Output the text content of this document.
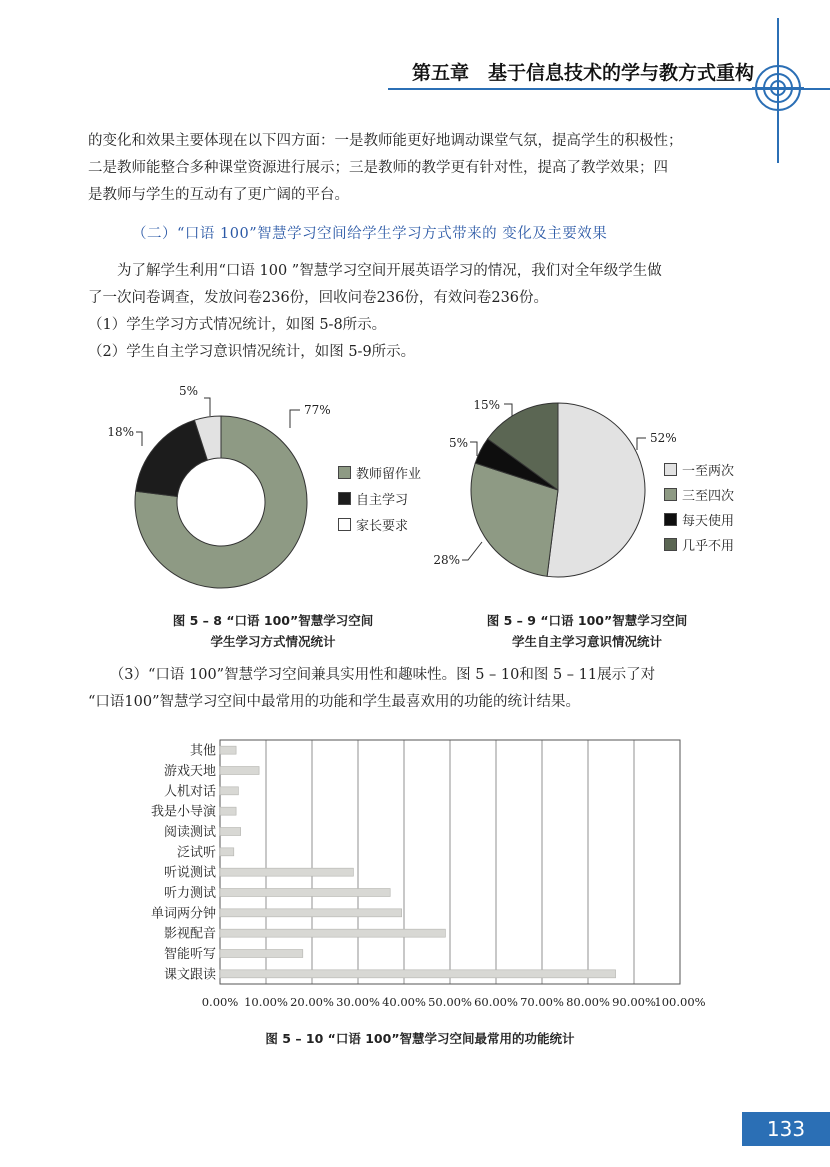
第五章　基于信息技术的学与教方式重构

的变化和效果主要体现在以下四方面：一是教师能更好地调动课堂气氛，提高学生的积极性；

二是教师能整合多种课堂资源进行展示；三是教师的教学更有针对性，提高了教学效果；四

是教师与学生的互动有了更广阔的平台。

（二）“口语 100”智慧学习空间给学生学习方式带来的 变化及主要效果

　　为了解学生利用“口语 100 ”智慧学习空间开展英语学习的情况，我们对全年级学生做

了一次问卷调查，发放问卷236份，回收问卷236份，有效问卷236份。

（1）学生学习方式情况统计，如图 5-8所示。

（2）学生自主学习意识情况统计，如图 5-9所示。

77%
18%
5%
教师留作业
自主学习
家长要求
图 5 – 8 “口语 100”智慧学习空间
学生学习方式情况统计
52%
28%
5%
15%
一至两次
三至四次
每天使用
几乎不用
图 5 – 9 “口语 100”智慧学习空间
学生自主学习意识情况统计

　　（3）“口语 100”智慧学习空间兼具实用性和趣味性。图 5 – 10和图 5 – 11展示了对

“口语100”智慧学习空间中最常用的功能和学生最喜欢用的功能的统计结果。

其他
游戏天地
人机对话
我是小导演
阅读测试
泛试听
听说测试
听力测试
单词两分钟
影视配音
智能听写
课文跟读
0.00% 10.00% 20.00% 30.00% 40.00% 50.00% 60.00% 70.00% 80.00% 90.00%
100.00%
图 5 – 10 “口语 100”智慧学习空间最常用的功能统计
133
